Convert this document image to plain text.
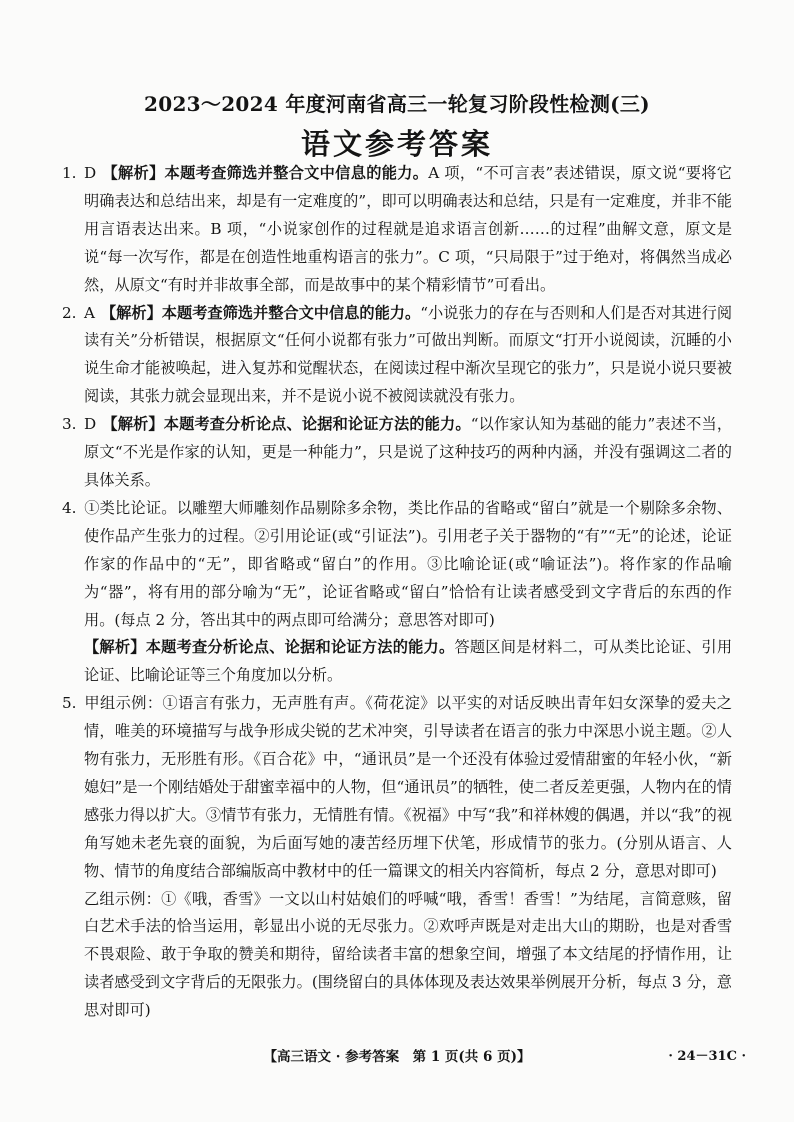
2023～2024 年度河南省高三一轮复习阶段性检测(三)
语文参考答案
1. D 【解析】本题考查筛选并整合文中信息的能力。A 项，“不可言表”表述错误，原文说“要将它明确表达和总结出来，却是有一定难度的”，即可以明确表达和总结，只是有一定难度，并非不能用言语表达出来。B 项，“小说家创作的过程就是追求语言创新……的过程”曲解文意，原文是说“每一次写作，都是在创造性地重构语言的张力”。C 项，“只局限于”过于绝对，将偶然当成必然，从原文“有时并非故事全部，而是故事中的某个精彩情节”可看出。
2. A 【解析】本题考查筛选并整合文中信息的能力。“小说张力的存在与否则和人们是否对其进行阅读有关”分析错误，根据原文“任何小说都有张力”可做出判断。而原文“打开小说阅读，沉睡的小说生命才能被唤起，进入复苏和觉醒状态，在阅读过程中渐次呈现它的张力”，只是说小说只要被阅读，其张力就会显现出来，并不是说小说不被阅读就没有张力。
3. D 【解析】本题考查分析论点、论据和论证方法的能力。“以作家认知为基础的能力”表述不当，原文“不光是作家的认知，更是一种能力”，只是说了这种技巧的两种内涵，并没有强调这二者的具体关系。
4. ①类比论证。以雕塑大师雕刻作品剔除多余物，类比作品的省略或“留白”就是一个剔除多余物、使作品产生张力的过程。②引用论证(或“引证法”)。引用老子关于器物的“有”“无”的论述，论证作家的作品中的“无”，即省略或“留白”的作用。③比喻论证(或“喻证法”)。将作家的作品喻为“器”，将有用的部分喻为“无”，论证省略或“留白”恰恰有让读者感受到文字背后的东西的作用。(每点 2 分，答出其中的两点即可给满分；意思答对即可)
【解析】本题考查分析论点、论据和论证方法的能力。答题区间是材料二，可从类比论证、引用论证、比喻论证等三个角度加以分析。
5. 甲组示例：①语言有张力，无声胜有声。《荷花淀》以平实的对话反映出青年妇女深挚的爱夫之情，唯美的环境描写与战争形成尖锐的艺术冲突，引导读者在语言的张力中深思小说主题。②人物有张力，无形胜有形。《百合花》中，“通讯员”是一个还没有体验过爱情甜蜜的年轻小伙，“新媳妇”是一个刚结婚处于甜蜜幸福中的人物，但“通讯员”的牺牲，使二者反差更强，人物内在的情感张力得以扩大。③情节有张力，无情胜有情。《祝福》中写“我”和祥林嫂的偶遇，并以“我”的视角写她未老先衰的面貌，为后面写她的凄苦经历埋下伏笔，形成情节的张力。(分别从语言、人物、情节的角度结合部编版高中教材中的任一篇课文的相关内容简析，每点 2 分，意思对即可)
乙组示例：①《哦，香雪》一文以山村姑娘们的呼喊“哦，香雪！香雪！”为结尾，言简意赅，留白艺术手法的恰当运用，彰显出小说的无尽张力。②欢呼声既是对走出大山的期盼，也是对香雪不畏艰险、敢于争取的赞美和期待，留给读者丰富的想象空间，增强了本文结尾的抒情作用，让读者感受到文字背后的无限张力。(围绕留白的具体体现及表达效果举例展开分析，每点 3 分，意思对即可)
【高三语文 · 参考答案　第 1 页(共 6 页)】	· 24－31C ·
